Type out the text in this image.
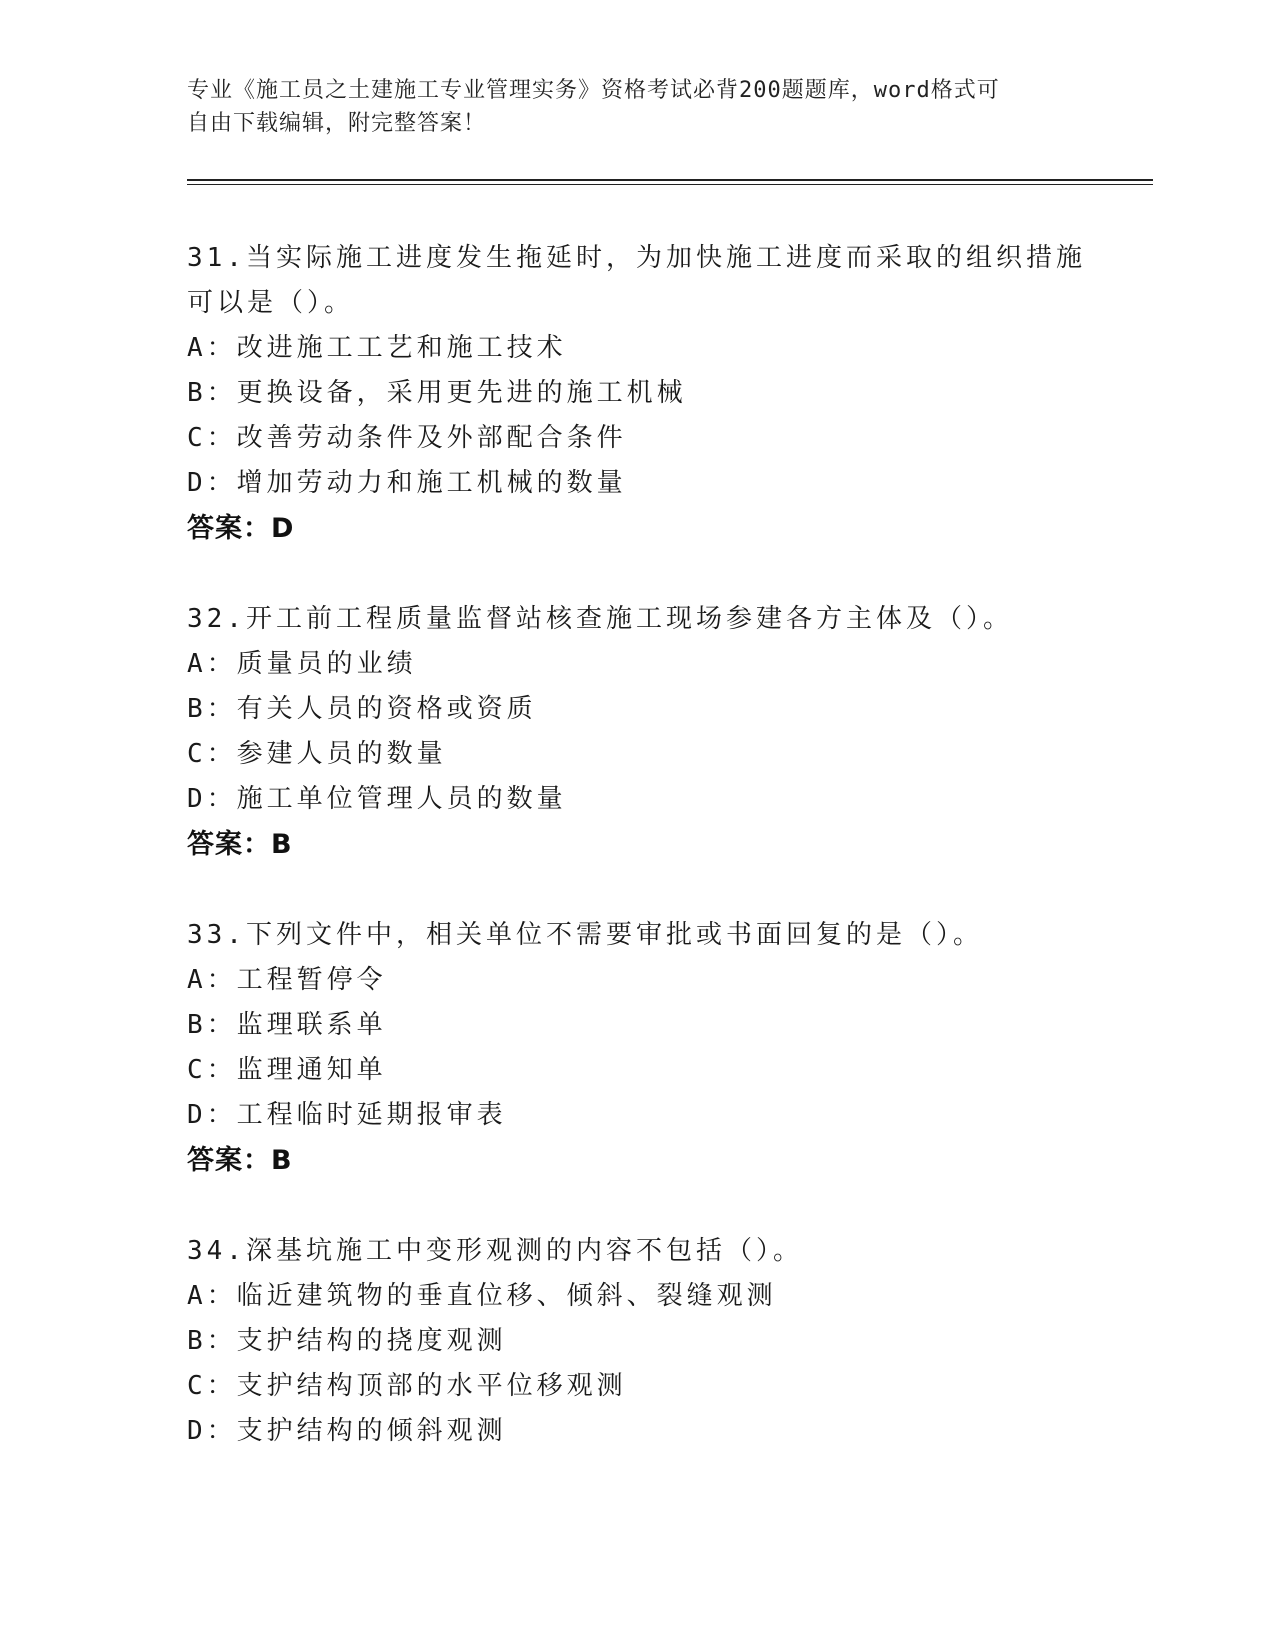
专业《施工员之土建施工专业管理实务》资格考试必背200题题库，word格式可
自由下载编辑，附完整答案！
31.当实际施工进度发生拖延时，为加快施工进度而采取的组织措施可以是（）。
A：改进施工工艺和施工技术
B：更换设备，采用更先进的施工机械
C：改善劳动条件及外部配合条件
D：增加劳动力和施工机械的数量
答案：D
32.开工前工程质量监督站核查施工现场参建各方主体及（）。
A：质量员的业绩
B：有关人员的资格或资质
C：参建人员的数量
D：施工单位管理人员的数量
答案：B
33.下列文件中，相关单位不需要审批或书面回复的是（）。
A：工程暂停令
B：监理联系单
C：监理通知单
D：工程临时延期报审表
答案：B
34.深基坑施工中变形观测的内容不包括（）。
A：临近建筑物的垂直位移、倾斜、裂缝观测
B：支护结构的挠度观测
C：支护结构顶部的水平位移观测
D：支护结构的倾斜观测
